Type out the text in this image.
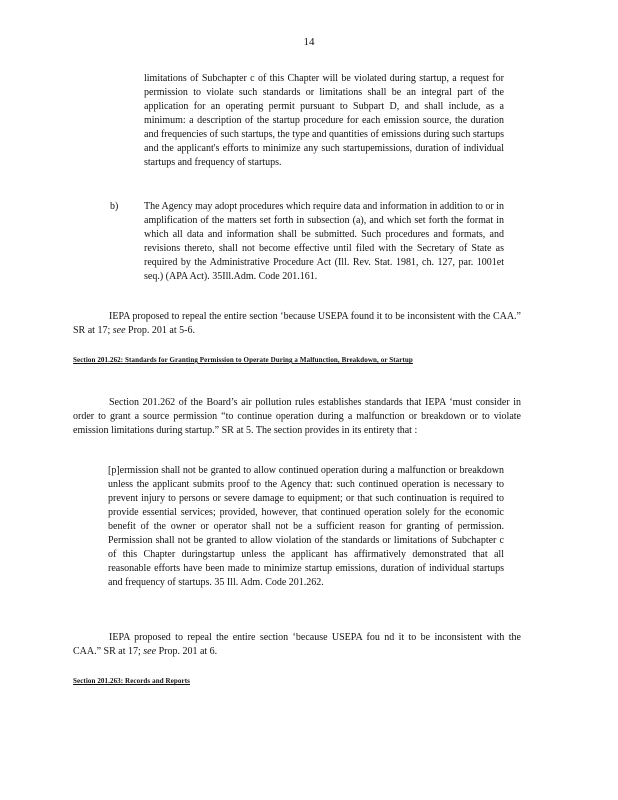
14
limitations of Subchapter c of this Chapter will be violated during startup, a request for permission to violate such standards or limitations shall be an integral part of the application for an operating permit pursuant to Subpart D, and shall include, as a minimum: a description of the startup procedure for each emission source, the duration and frequencies of such startups, the type and quantities of emissions during such startups and the applicant's efforts to minimize any such startupemissions, duration of individual startups and frequency of startups.
b)	The Agency may adopt procedures which require data and information in addition to or in amplification of the matters set forth in subsection (a), and which set forth the format in which all data and information shall be submitted. Such procedures and formats, and revisions thereto, shall not become effective until filed with the Secretary of State as required by the Administrative Procedure Act (Ill. Rev. Stat. 1981, ch. 127, par. 1001et seq.) (APA Act). 35Ill.Adm. Code 201.161.
IEPA proposed to repeal the entire section ‘because USEPA found it to be inconsistent with the CAA.” SR at 17; see Prop. 201 at 5-6.
Section 201.262: Standards for Granting Permission to Operate During a Malfunction, Breakdown, or Startup
Section 201.262 of the Board’s air pollution rules establishes standards that IEPA ‘must consider in order to grant a source permission “to continue operation during a malfunction or breakdown or to violate emission limitations during startup.” SR at 5. The section provides in its entirety that :
[p]ermission shall not be granted to allow continued operation during a malfunction or breakdown unless the applicant submits proof to the Agency that: such continued operation is necessary to prevent injury to persons or severe damage to equipment; or that such continuation is required to provide essential services; provided, however, that continued operation solely for the economic benefit of the owner or operator shall not be a sufficient reason for granting of permission. Permission shall not be granted to allow violation of the standards or limitations of Subchapter c of this Chapter duringstartup unless the applicant has affirmatively demonstrated that all reasonable efforts have been made to minimize startup emissions, duration of individual startups and frequency of startups. 35 Ill. Adm. Code 201.262.
IEPA proposed to repeal the entire section ‘because USEPA fou nd it to be inconsistent with the CAA.” SR at 17; see Prop. 201 at 6.
Section 201.263: Records and Reports
